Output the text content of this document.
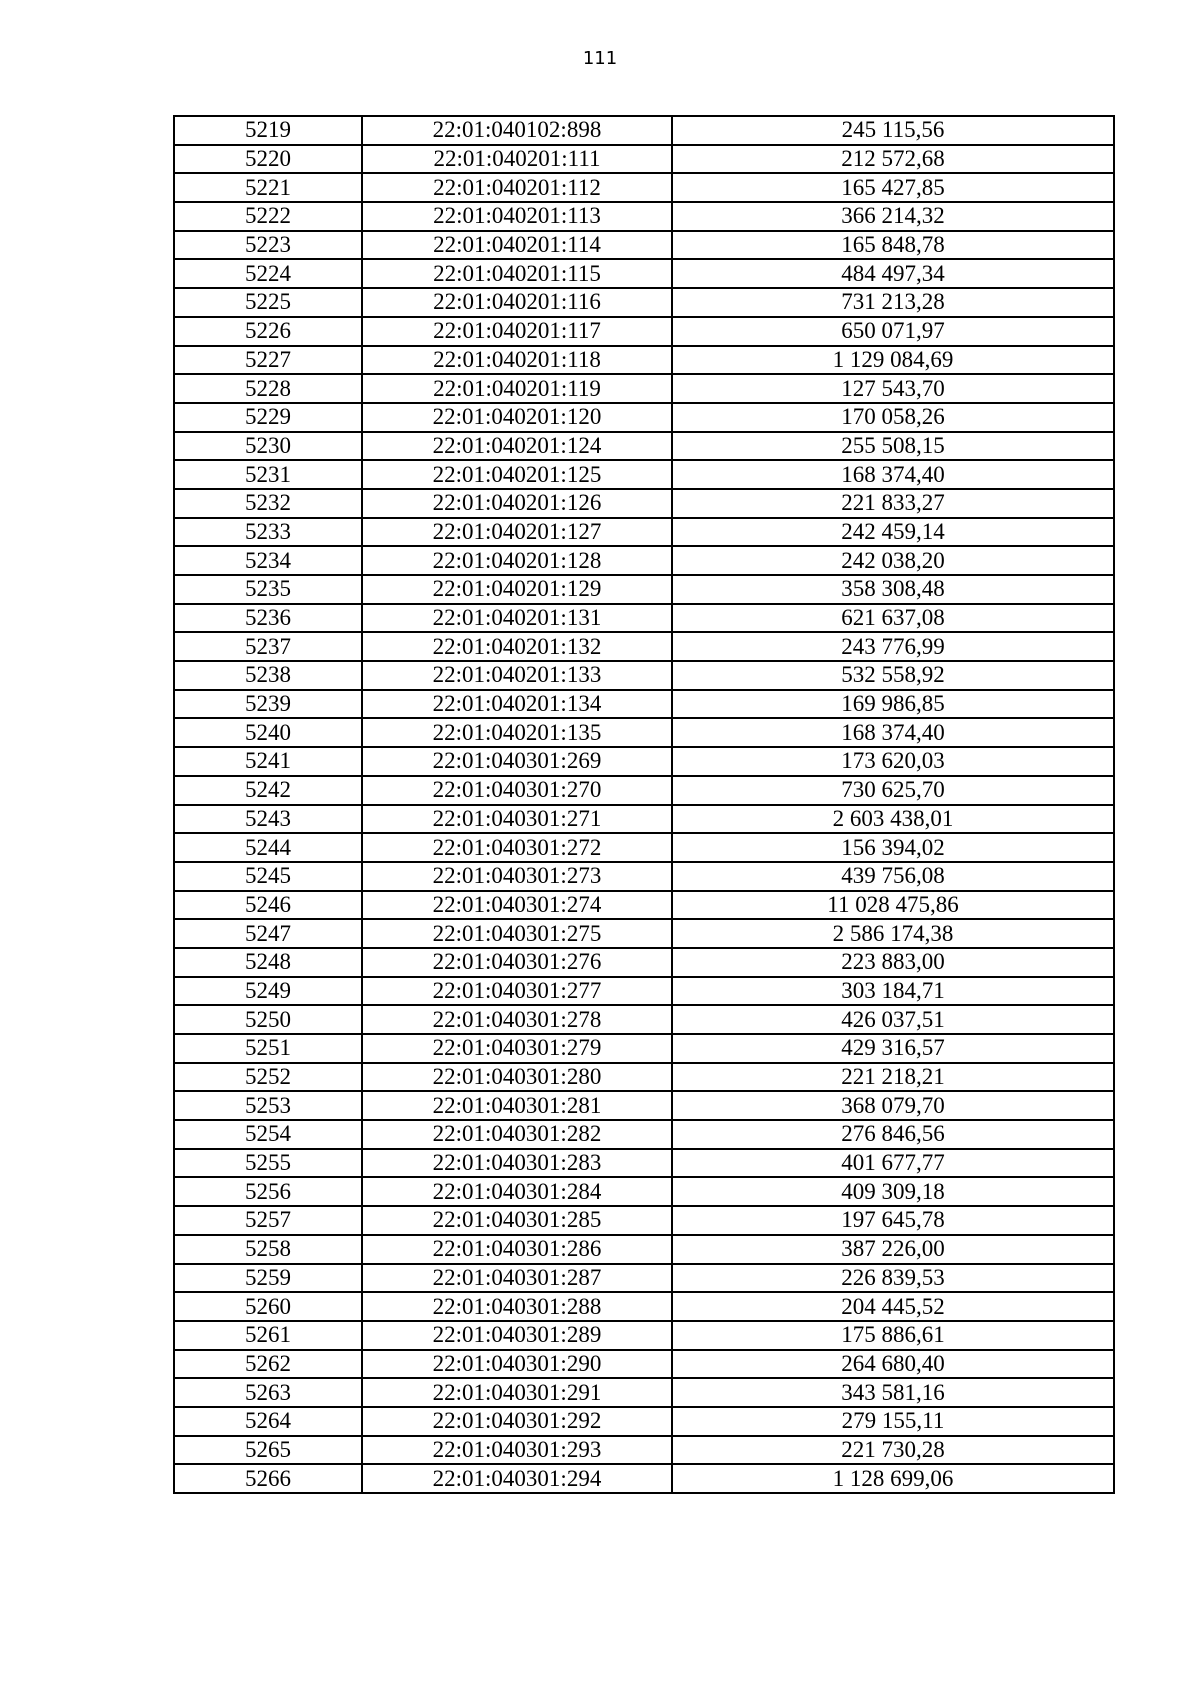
111
5219	22:01:040102:898	245 115,56
5220	22:01:040201:111	212 572,68
5221	22:01:040201:112	165 427,85
5222	22:01:040201:113	366 214,32
5223	22:01:040201:114	165 848,78
5224	22:01:040201:115	484 497,34
5225	22:01:040201:116	731 213,28
5226	22:01:040201:117	650 071,97
5227	22:01:040201:118	1 129 084,69
5228	22:01:040201:119	127 543,70
5229	22:01:040201:120	170 058,26
5230	22:01:040201:124	255 508,15
5231	22:01:040201:125	168 374,40
5232	22:01:040201:126	221 833,27
5233	22:01:040201:127	242 459,14
5234	22:01:040201:128	242 038,20
5235	22:01:040201:129	358 308,48
5236	22:01:040201:131	621 637,08
5237	22:01:040201:132	243 776,99
5238	22:01:040201:133	532 558,92
5239	22:01:040201:134	169 986,85
5240	22:01:040201:135	168 374,40
5241	22:01:040301:269	173 620,03
5242	22:01:040301:270	730 625,70
5243	22:01:040301:271	2 603 438,01
5244	22:01:040301:272	156 394,02
5245	22:01:040301:273	439 756,08
5246	22:01:040301:274	11 028 475,86
5247	22:01:040301:275	2 586 174,38
5248	22:01:040301:276	223 883,00
5249	22:01:040301:277	303 184,71
5250	22:01:040301:278	426 037,51
5251	22:01:040301:279	429 316,57
5252	22:01:040301:280	221 218,21
5253	22:01:040301:281	368 079,70
5254	22:01:040301:282	276 846,56
5255	22:01:040301:283	401 677,77
5256	22:01:040301:284	409 309,18
5257	22:01:040301:285	197 645,78
5258	22:01:040301:286	387 226,00
5259	22:01:040301:287	226 839,53
5260	22:01:040301:288	204 445,52
5261	22:01:040301:289	175 886,61
5262	22:01:040301:290	264 680,40
5263	22:01:040301:291	343 581,16
5264	22:01:040301:292	279 155,11
5265	22:01:040301:293	221 730,28
5266	22:01:040301:294	1 128 699,06
